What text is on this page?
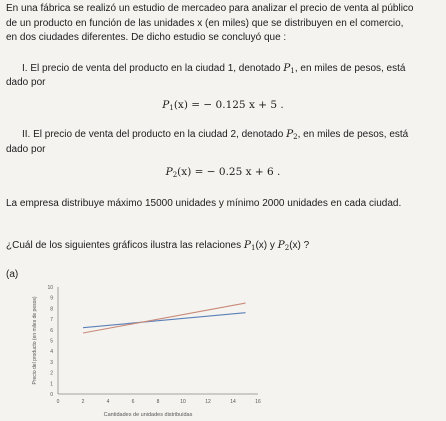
En una fábrica se realizó un estudio de mercadeo para analizar el precio de venta al público

de un producto en función de las unidades x (en miles) que se distribuyen en el comercio,

en dos ciudades diferentes. De dicho estudio se concluyó que :

I. El precio de venta del producto en la ciudad 1, denotado $P_1$, en miles de pesos, está

dado por

$P_1(x)$ = − 0.125 x + 5 .

II. El precio de venta del producto en la ciudad 2, denotado $P_2$, en miles de pesos, está

dado por

$P_2(x)$ = − 0.25 x + 6 .

La empresa distribuye máximo 15000 unidades y mínimo 2000 unidades en cada ciudad.

¿Cuál de los siguientes gráficos ilustra las relaciones $P_1(x)$ y $P_2(x)$ ?

(a)

0	2	4	6	8	10	12	14	16
0
1
2
3
4
5
6
7
8
9
10
Cantidades de unidades distribuidas
Precio del producto (en miles de pesos)
